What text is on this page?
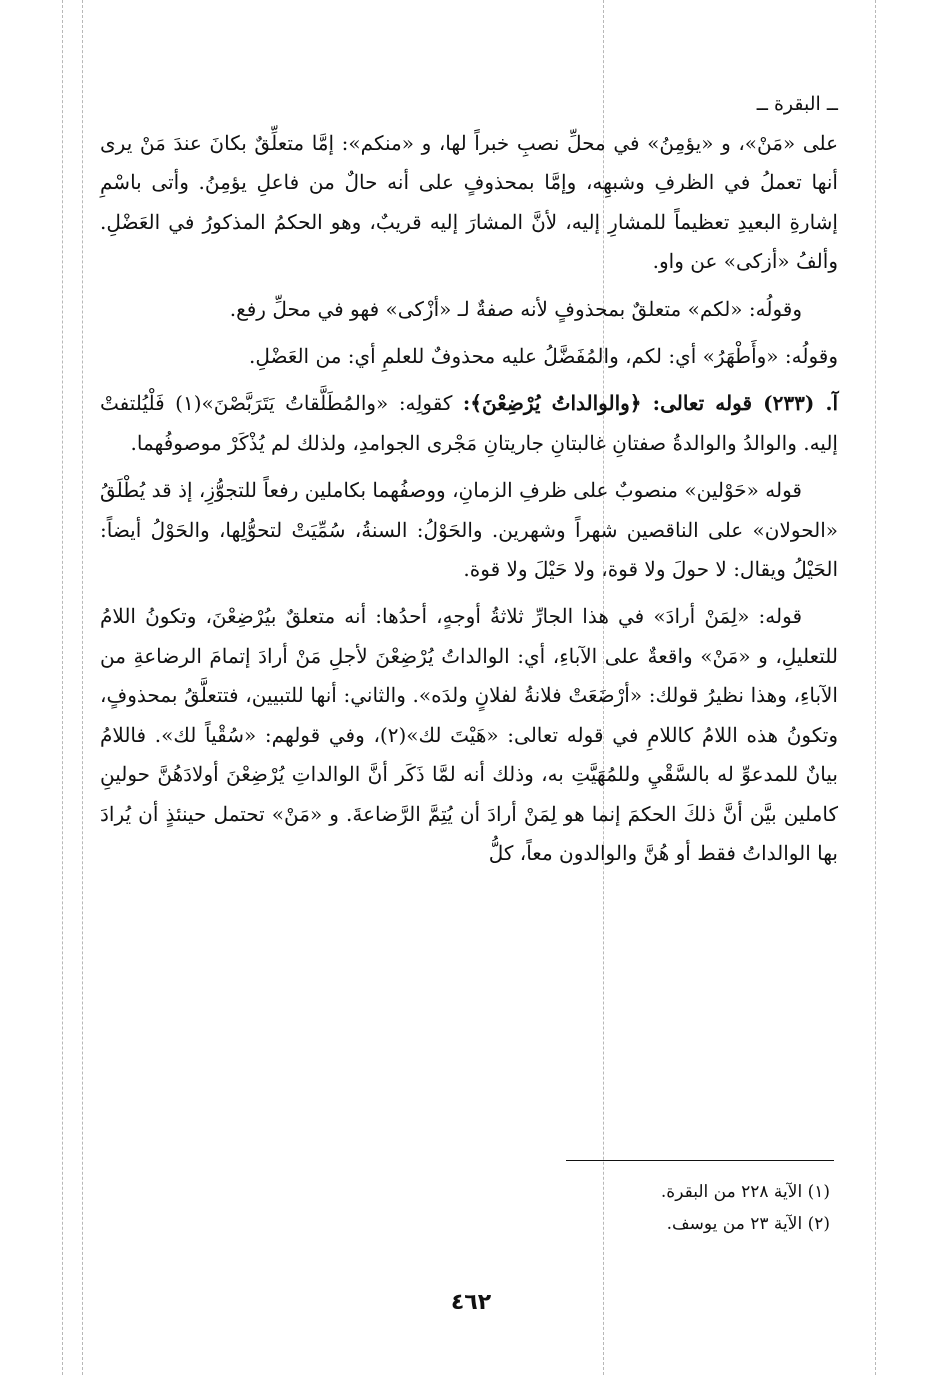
ــ البقرة ــ

على «مَنْ»، و «يؤمِنُ» في محلِّ نصبِ خبراً لها، و «منكم»: إمَّا متعلِّقٌ بكانَ عندَ مَنْ يرى أنها تعملُ في الظرفِ وشبهِه، وإمَّا بمحذوفٍ على أنه حالٌ من فاعلِ يؤمِنُ. وأتى باسْمِ إشارةِ البعيدِ تعظيماً للمشارِ إليه، لأنَّ المشارَ إليه قريبٌ، وهو الحكمُ المذكورُ في العَضْلِ. وألفُ «أزكى» عن واو.

وقولُه: «لكم» متعلقٌ بمحذوفٍ لأنه صفةٌ لـ «أزْكى» فهو في محلِّ رفع.

وقولُه: «وأَطْهَرُ» أي: لكم، والمُفَضَّلُ عليه محذوفٌ للعلمِ أي: من العَضْلِ.

آ. (٢٣٣) قوله تعالى: ﴿والوالداتُ يُرْضِعْنَ﴾: كقولِه: «والمُطَلَّقاتُ يَتَرَبَّصْنَ»(١) فَلْيُلتفتْ إليه. والوالدُ والوالدةُ صفتانِ غالبتانِ جاريتانِ مَجْرى الجوامدِ، ولذلك لم يُذْكَرْ موصوفُهما.

قوله «حَوْلين» منصوبٌ على ظرفِ الزمانِ، ووصفُهما بكاملين رفعاً للتجوُّزِ، إذ قد يُطْلَقُ «الحولان» على الناقصين شهراً وشهرين. والحَوْلُ: السنةُ، سُمِّيَتْ لتحوُّلِها، والحَوْلُ أيضاً: الحَيْلُ ويقال: لا حولَ ولا قوة، ولا حَيْلَ ولا قوة.

قوله: «لِمَنْ أرادَ» في هذا الجارِّ ثلاثةُ أوجهٍ، أحدُها: أنه متعلقٌ بيُرْضِعْنَ، وتكونُ اللامُ للتعليلِ، و «مَنْ» واقعةٌ على الآباءِ، أي: الوالداتُ يُرْضِعْنَ لأجلِ مَنْ أرادَ إتمامَ الرضاعةِ من الآباءِ، وهذا نظيرُ قولك: «أرْضَعَتْ فلانةُ لفلانٍ ولدَه». والثاني: أنها للتبيين، فتتعلَّقُ بمحذوفٍ، وتكونُ هذه اللامُ كاللامِ في قوله تعالى: «هَيْتَ لك»(٢)، وفي قولهم: «سُقْياً لك». فاللامُ بيانٌ للمدعوِّ له بالسَّقْيِ وللمُهَيَّتِ به، وذلك أنه لمَّا ذَكَر أنَّ الوالداتِ يُرْضِعْنَ أولادَهُنَّ حولينِ كاملين بيَّن أنَّ ذلكَ الحكمَ إنما هو لِمَنْ أرادَ أن يُتِمَّ الرَّضاعةَ. و «مَنْ» تحتمل حينئذٍ أن يُرادَ بها الوالداتُ فقط أو هُنَّ والوالدون معاً، كلُّ

(١) الآية ٢٢٨ من البقرة.
(٢) الآية ٢٣ من يوسف.
٤٦٢
